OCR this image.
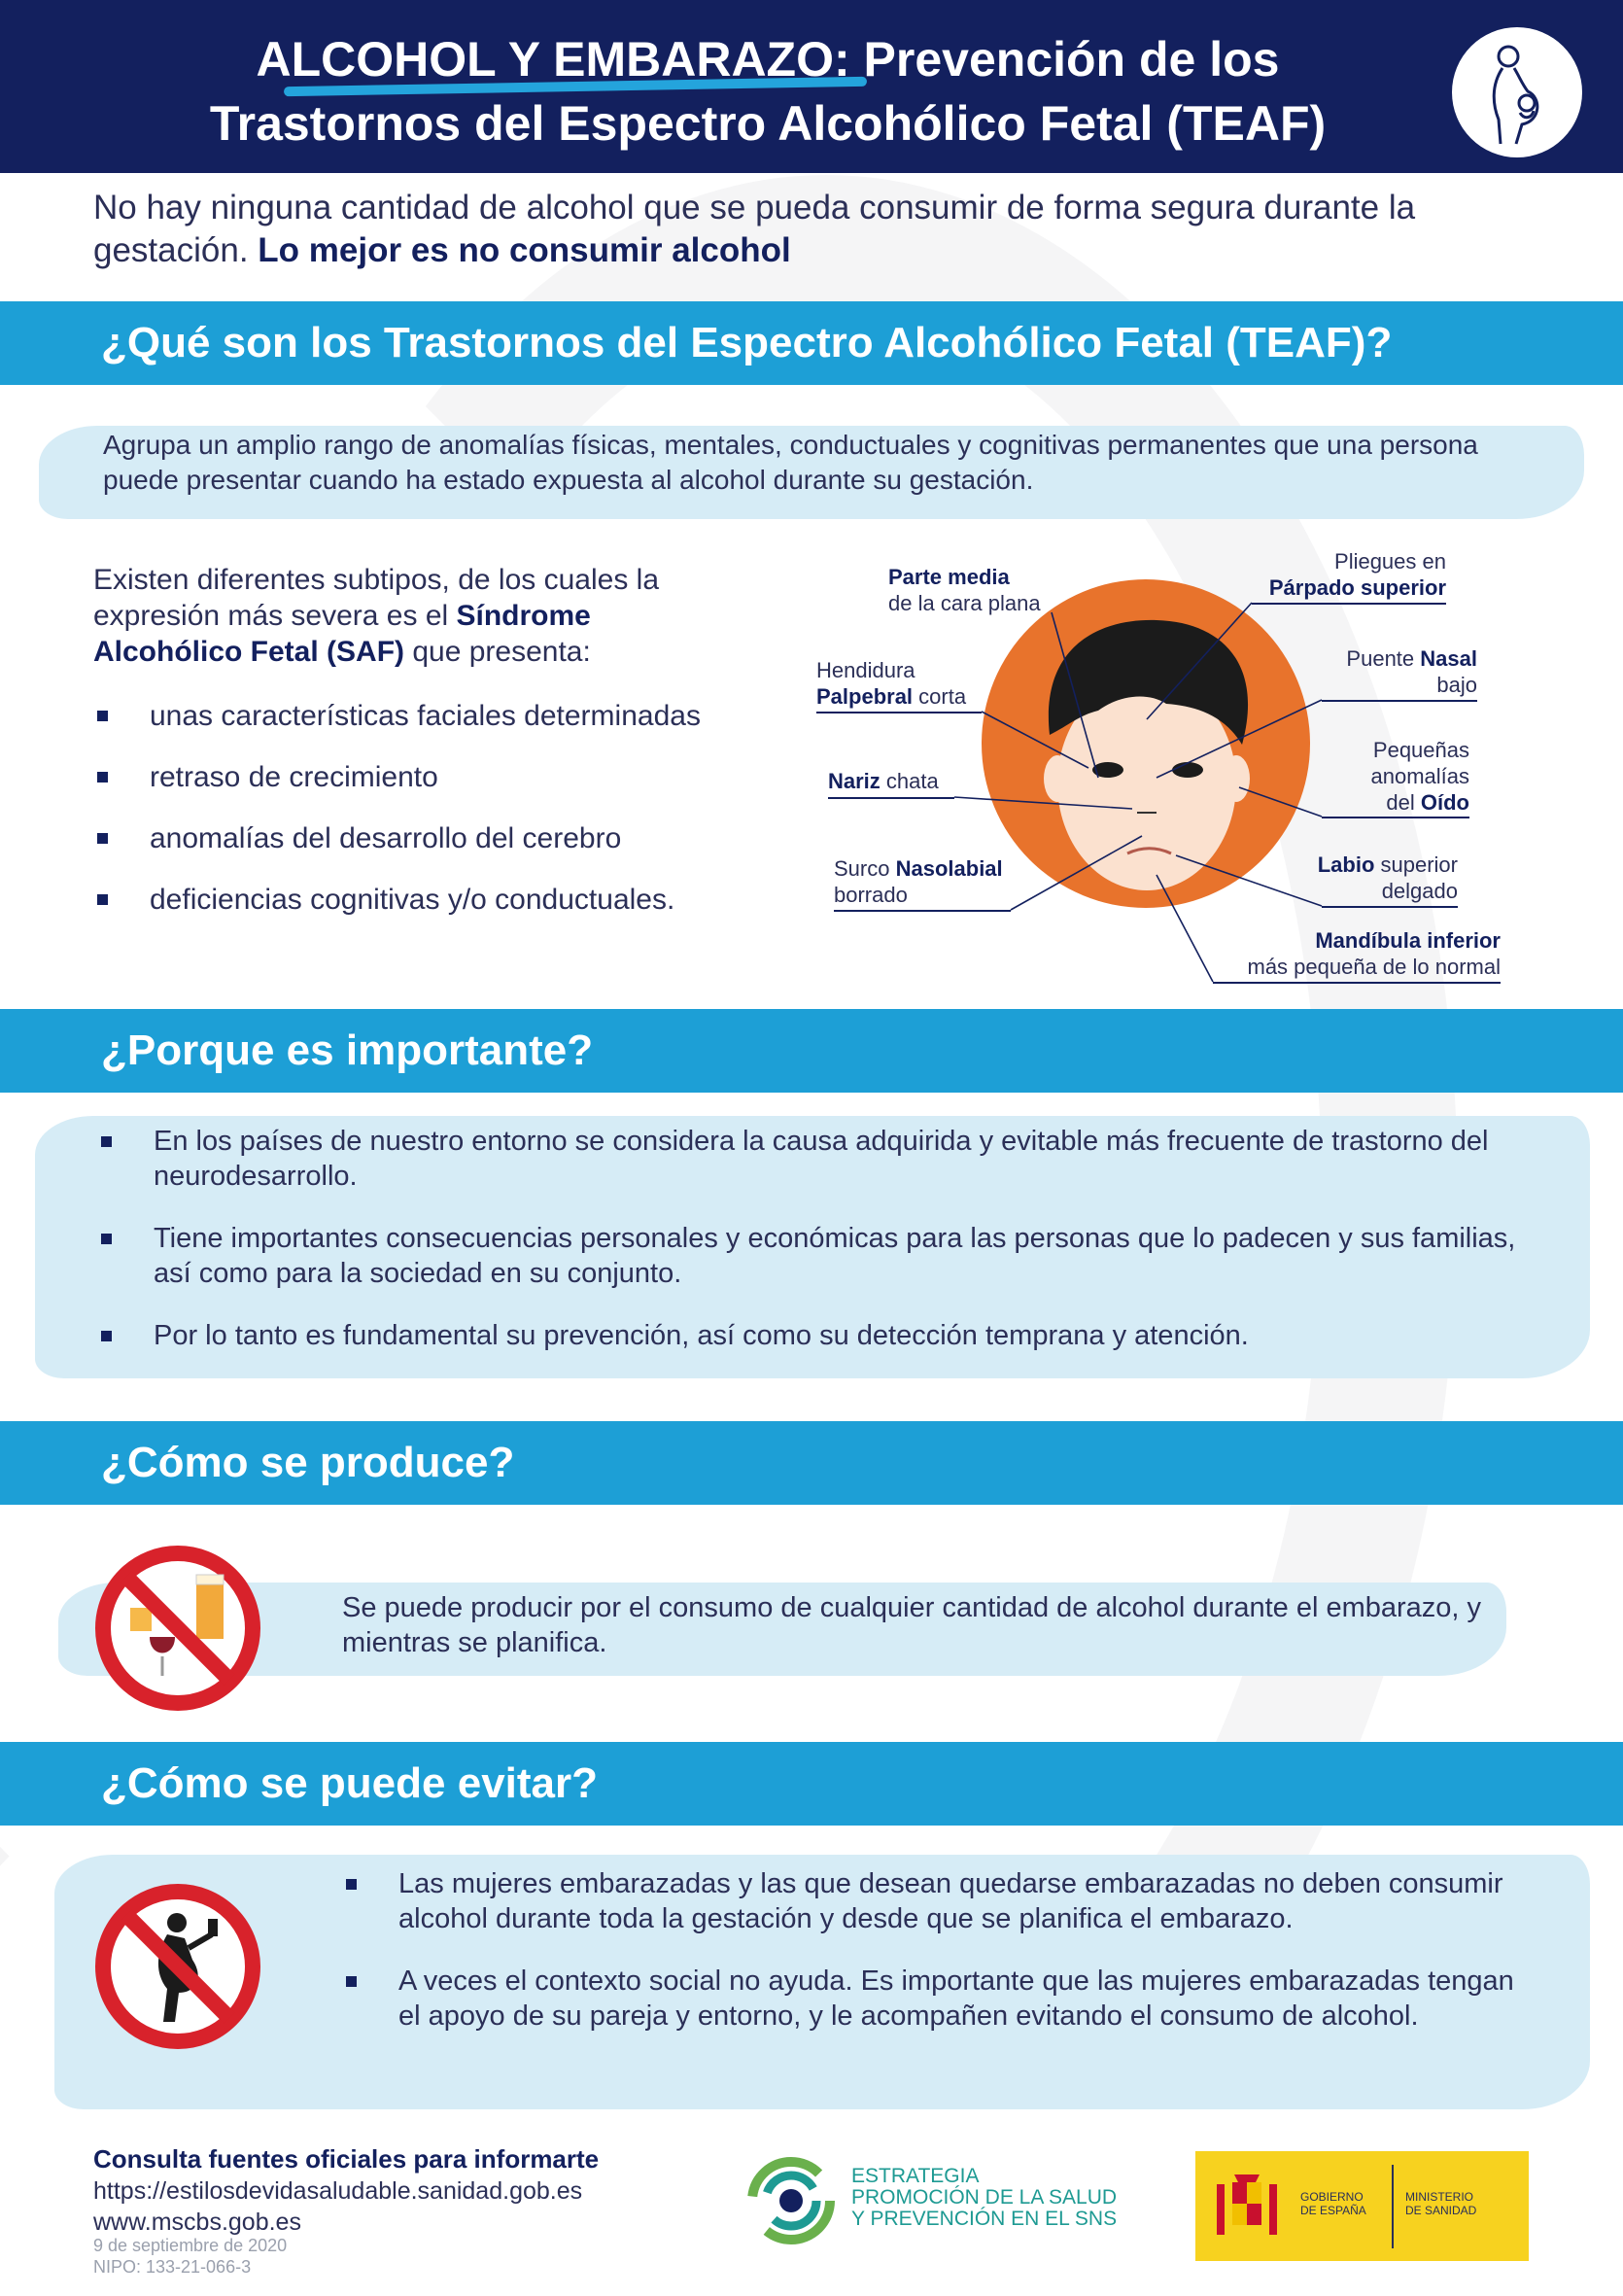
ALCOHOL Y EMBARAZO: Prevención de los
Trastornos del Espectro Alcohólico Fetal (TEAF)
No hay ninguna cantidad de alcohol que se pueda consumir de forma segura durante la gestación. Lo mejor es no consumir alcohol
¿Qué son los Trastornos del Espectro Alcohólico Fetal (TEAF)?
Agrupa un amplio rango de anomalías físicas, mentales, conductuales y cognitivas permanentes que una persona puede presentar cuando ha estado expuesta al alcohol durante su gestación.
Existen diferentes subtipos, de los cuales la expresión más severa es el Síndrome Alcohólico Fetal (SAF) que presenta:
unas características faciales determinadas
retraso de crecimiento
anomalías del desarrollo del cerebro
deficiencias cognitivas y/o conductuales.
Parte media
de la cara plana
Pliegues en
Párpado superior
Hendidura
Palpebral corta
Puente Nasal
bajo
Pequeñas
anomalías
del Oído
Nariz chata
Labio superior
delgado
Surco Nasolabial
borrado
Mandíbula inferior
más pequeña de lo normal
¿Porque es importante?
En los países de nuestro entorno se considera la causa adquirida y evitable más frecuente de trastorno del neurodesarrollo.
Tiene importantes consecuencias personales y económicas para las personas que lo padecen y sus familias, así como para la sociedad en su conjunto.
Por lo tanto es fundamental su prevención, así como su detección temprana y atención.
¿Cómo se produce?
Se puede producir por el consumo de cualquier cantidad de alcohol durante el embarazo, y mientras se planifica.
¿Cómo se puede evitar?
Las mujeres embarazadas y las que desean quedarse embarazadas no deben consumir alcohol durante toda la gestación y desde que se planifica el embarazo.
A veces el contexto social no ayuda. Es importante que las mujeres embarazadas tengan el apoyo de su pareja y entorno, y le acompañen evitando el consumo de alcohol.
Consulta fuentes oficiales para informarte
https://estilosdevidasaludable.sanidad.gob.es
www.mscbs.gob.es
9 de septiembre de 2020
NIPO: 133-21-066-3
ESTRATEGIA
PROMOCIÓN DE LA SALUD
Y PREVENCIÓN EN EL SNS
GOBIERNO
DE ESPAÑA
MINISTERIO
DE SANIDAD
